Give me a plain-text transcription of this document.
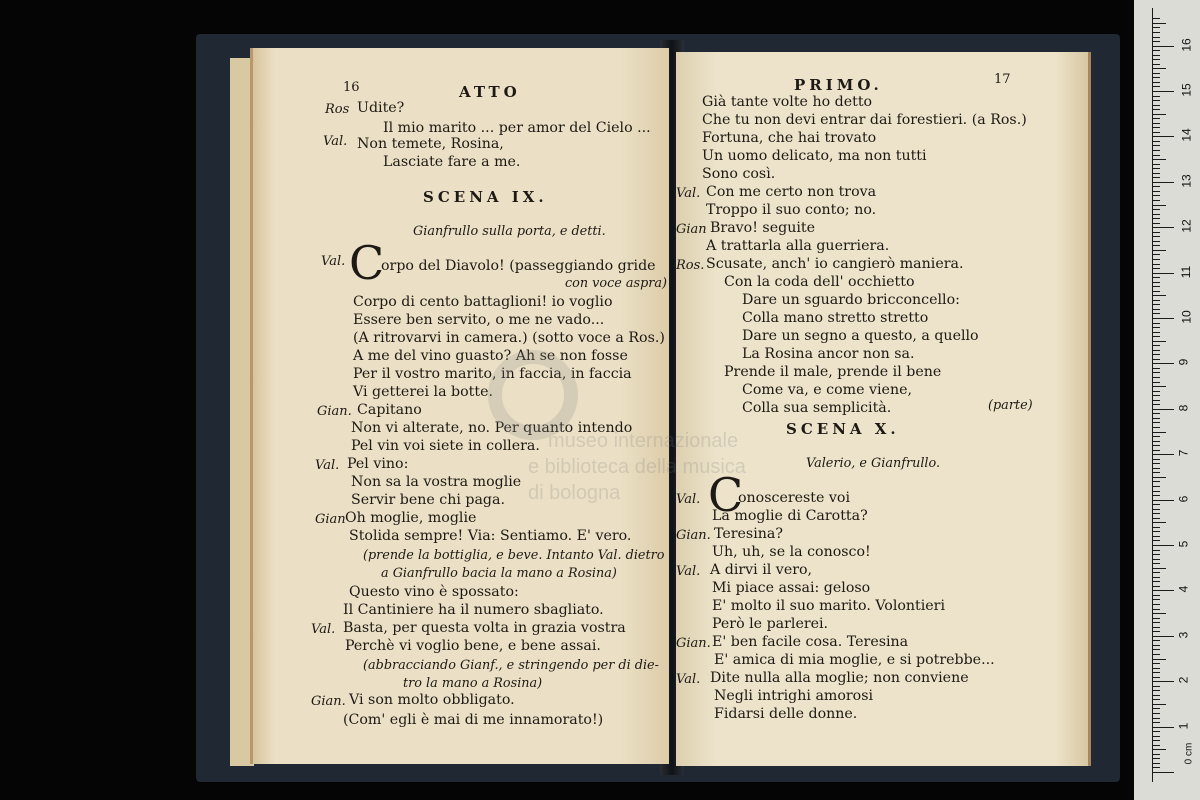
16	ATTO
Ros Udite?
Il mio marito ... per amor del Cielo ...
Val. Non temete, Rosina,
Lasciate fare a me.
SCENA IX.
Gianfrullo sulla porta, e detti.
Val. C
orpo del Diavolo! (passeggiando gride
con voce aspra)
Corpo di cento battaglioni! io voglio
Essere ben servito, o me ne vado...
(A ritrovarvi in camera.) (sotto voce a Ros.)
A me del vino guasto? Ah se non fosse
Per il vostro marito, in faccia, in faccia
Vi getterei la botte.
Gian. Capitano
Non vi alterate, no. Per quanto intendo
Pel vin voi siete in collera.
Val. Pel vino:
Non sa la vostra moglie
Servir bene chi paga.
Gian Oh moglie, moglie
Stolida sempre! Via: Sentiamo. E' vero.
(prende la bottiglia, e beve. Intanto Val. dietro
a Gianfrullo bacia la mano a Rosina)
Questo vino è spossato:
Il Cantiniere ha il numero sbagliato.
Val. Basta, per questa volta in grazia vostra
Perchè vi voglio bene, e bene assai.
(abbracciando Gianf., e stringendo per di die-
tro la mano a Rosina)
Gian. Vi son molto obbligato.
(Com' egli è mai di me innamorato!)
PRIMO.	17
Già tante volte ho detto
Che tu non devi entrar dai forestieri. (a Ros.)
Fortuna, che hai trovato
Un uomo delicato, ma non tutti
Sono così.
Val. Con me certo non trova
Troppo il suo conto; no.
Gian Bravo! seguite
A trattarla alla guerriera.
Ros. Scusate, anch' io cangierò maniera.
Con la coda dell' occhietto
Dare un sguardo bricconcello:
Colla mano stretto stretto
Dare un segno a questo, a quello
La Rosina ancor non sa.
Prende il male, prende il bene
Come va, e come viene,
Colla sua semplicità.	(parte)
SCENA X.
Valerio, e Gianfrullo.
Val. C
onoscereste voi
La moglie di Carotta?
Gian. Teresina?
Uh, uh, se la conosco!
Val. A dirvi il vero,
Mi piace assai: geloso
E' molto il suo marito. Volontieri
Però le parlerei.
Gian. E' ben facile cosa. Teresina
E' amica di mia moglie, e si potrebbe...
Val. Dite nulla alla moglie; non conviene
Negli intrighi amorosi
Fidarsi delle donne.
museo internazionale
e biblioteca della musica
di bologna
0 cm
1
2
3
4
5
6
7
8
9
10
11
12
13
14
15
16
